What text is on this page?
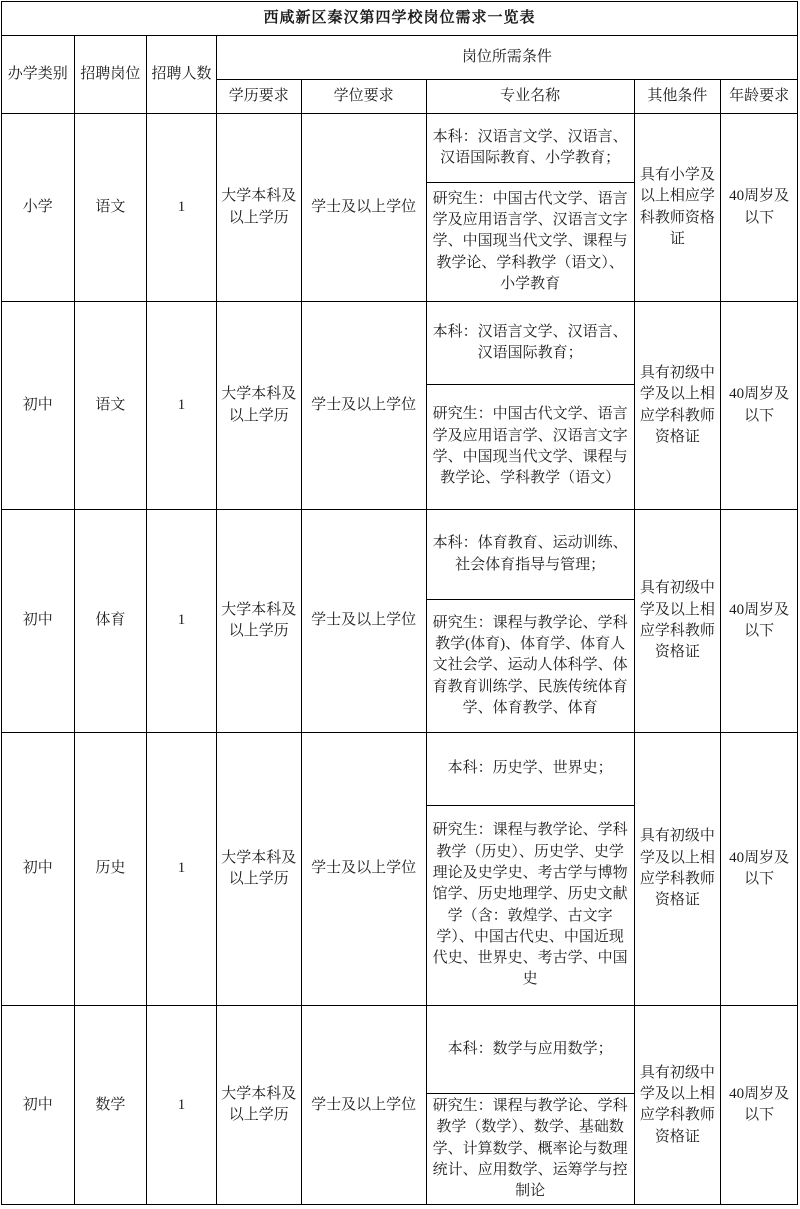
西咸新区秦汉第四学校岗位需求一览表							
办学类别	招聘岗位	招聘人数	岗位所需条件				
			学历要求	学位要求	专业名称	其他条件	年龄要求
小学	语文	1	大学本科及以上学历	学士及以上学位	本科：汉语言文学、汉语言、汉语国际教育、小学教育；	具有小学及以上相应学科教师资格证	40周岁及以下
					研究生：中国古代文学、语言学及应用语言学、汉语言文字学、中国现当代文学、课程与教学论、学科教学（语文）、小学教育		
初中	语文	1	大学本科及以上学历	学士及以上学位	本科：汉语言文学、汉语言、汉语国际教育；	具有初级中学及以上相应学科教师资格证	40周岁及以下
					研究生：中国古代文学、语言学及应用语言学、汉语言文字学、中国现当代文学、课程与教学论、学科教学（语文）		
初中	体育	1	大学本科及以上学历	学士及以上学位	本科：体育教育、运动训练、社会体育指导与管理；	具有初级中学及以上相应学科教师资格证	40周岁及以下
					研究生：课程与教学论、学科教学(体育)、体育学、体育人文社会学、运动人体科学、体育教育训练学、民族传统体育学、体育教学、体育		
初中	历史	1	大学本科及以上学历	学士及以上学位	本科：历史学、世界史；	具有初级中学及以上相应学科教师资格证	40周岁及以下
					研究生：课程与教学论、学科教学（历史）、历史学、史学理论及史学史、考古学与博物馆学、历史地理学、历史文献学（含：敦煌学、古文字学）、中国古代史、中国近现代史、世界史、考古学、中国史		
初中	数学	1	大学本科及以上学历	学士及以上学位	本科：数学与应用数学；	具有初级中学及以上相应学科教师资格证	40周岁及以下
					研究生：课程与教学论、学科教学（数学）、数学、基础数学、计算数学、概率论与数理统计、应用数学、运筹学与控制论		
